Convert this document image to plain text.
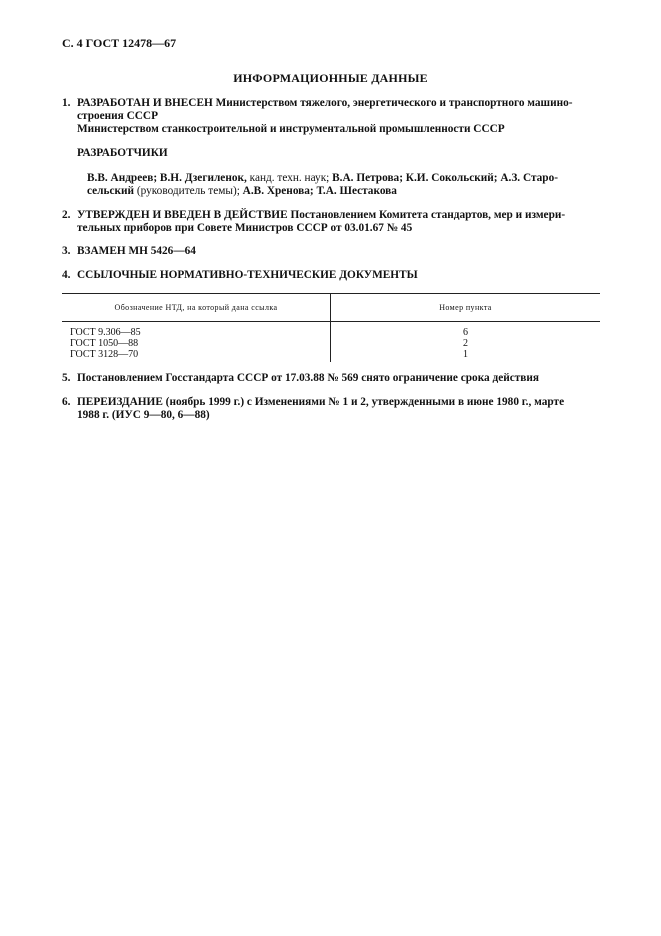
С. 4 ГОСТ 12478—67
ИНФОРМАЦИОННЫЕ ДАННЫЕ
1. РАЗРАБОТАН И ВНЕСЕН Министерством тяжелого, энергетического и транспортного машино-
строения СССР
Министерством станкостроительной и инструментальной промышленности СССР
РАЗРАБОТЧИКИ
В.В. Андреев; В.Н. Дзегиленок, канд. техн. наук; В.А. Петрова; К.И. Сокольский; А.З. Старо-
сельский (руководитель темы); А.В. Хренова; Т.А. Шестакова
2. УТВЕРЖДЕН И ВВЕДЕН В ДЕЙСТВИЕ Постановлением Комитета стандартов, мер и измери-
тельных приборов при Совете Министров СССР от 03.01.67 № 45
3. ВЗАМЕН МН 5426—64
4. ССЫЛОЧНЫЕ НОРМАТИВНО-ТЕХНИЧЕСКИЕ ДОКУМЕНТЫ
Обозначение НТД, на который дана ссылка	Номер пункта
ГОСТ 9.306—85	6
ГОСТ 1050—88	2
ГОСТ 3128—70	1
5. Постановлением Госстандарта СССР от 17.03.88 № 569 снято ограничение срока действия
6. ПЕРЕИЗДАНИЕ (ноябрь 1999 г.) с Изменениями № 1 и 2, утвержденными в июне 1980 г., марте
1988 г. (ИУС 9—80, 6—88)
